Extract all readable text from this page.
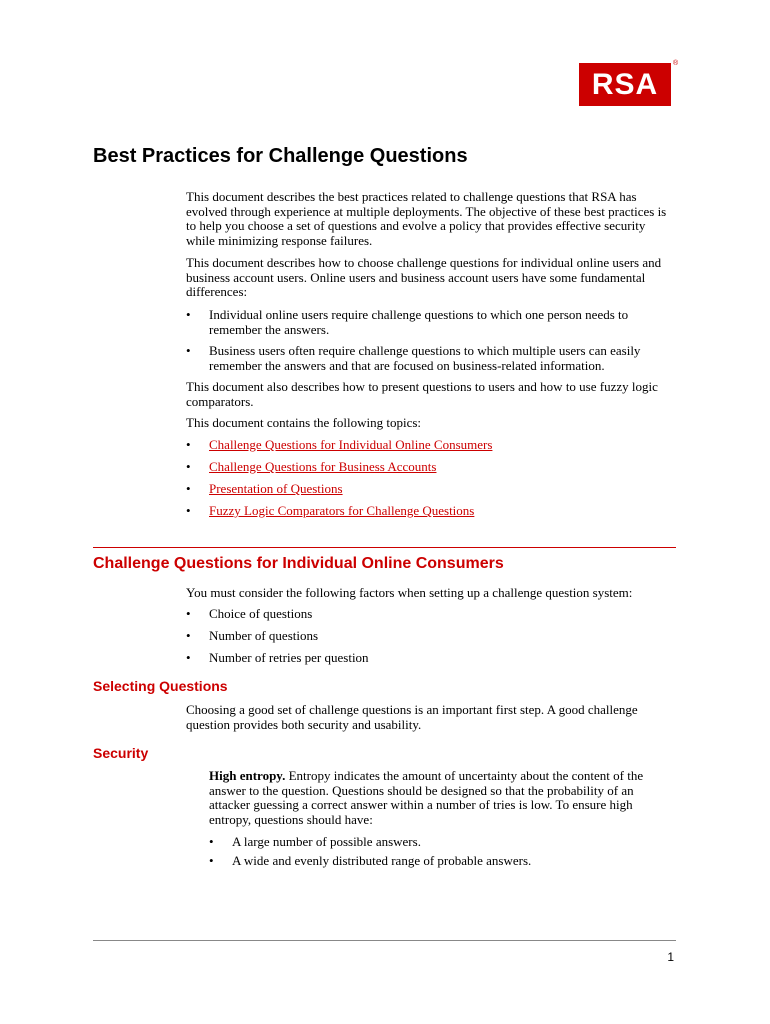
RSA
®
Best Practices for Challenge Questions

This document describes the best practices related to challenge questions that RSA has evolved through experience at multiple deployments. The objective of these best practices is to help you choose a set of questions and evolve a policy that provides effective security while minimizing response failures.

This document describes how to choose challenge questions for individual online users and business account users. Online users and business account users have some fundamental differences:

• Individual online users require challenge questions to which one person needs to remember the answers.
• Business users often require challenge questions to which multiple users can easily remember the answers and that are focused on business-related information.

This document also describes how to present questions to users and how to use fuzzy logic comparators.

This document contains the following topics:

• Challenge Questions for Individual Online Consumers
• Challenge Questions for Business Accounts
• Presentation of Questions
• Fuzzy Logic Comparators for Challenge Questions
Challenge Questions for Individual Online Consumers

You must consider the following factors when setting up a challenge question system:

• Choice of questions
• Number of questions
• Number of retries per question
Selecting Questions

Choosing a good set of challenge questions is an important first step. A good challenge question provides both security and usability.

Security

High entropy. Entropy indicates the amount of uncertainty about the content of the answer to the question. Questions should be designed so that the probability of an attacker guessing a correct answer within a number of tries is low. To ensure high entropy, questions should have:

• A large number of possible answers.
• A wide and evenly distributed range of probable answers.
1
